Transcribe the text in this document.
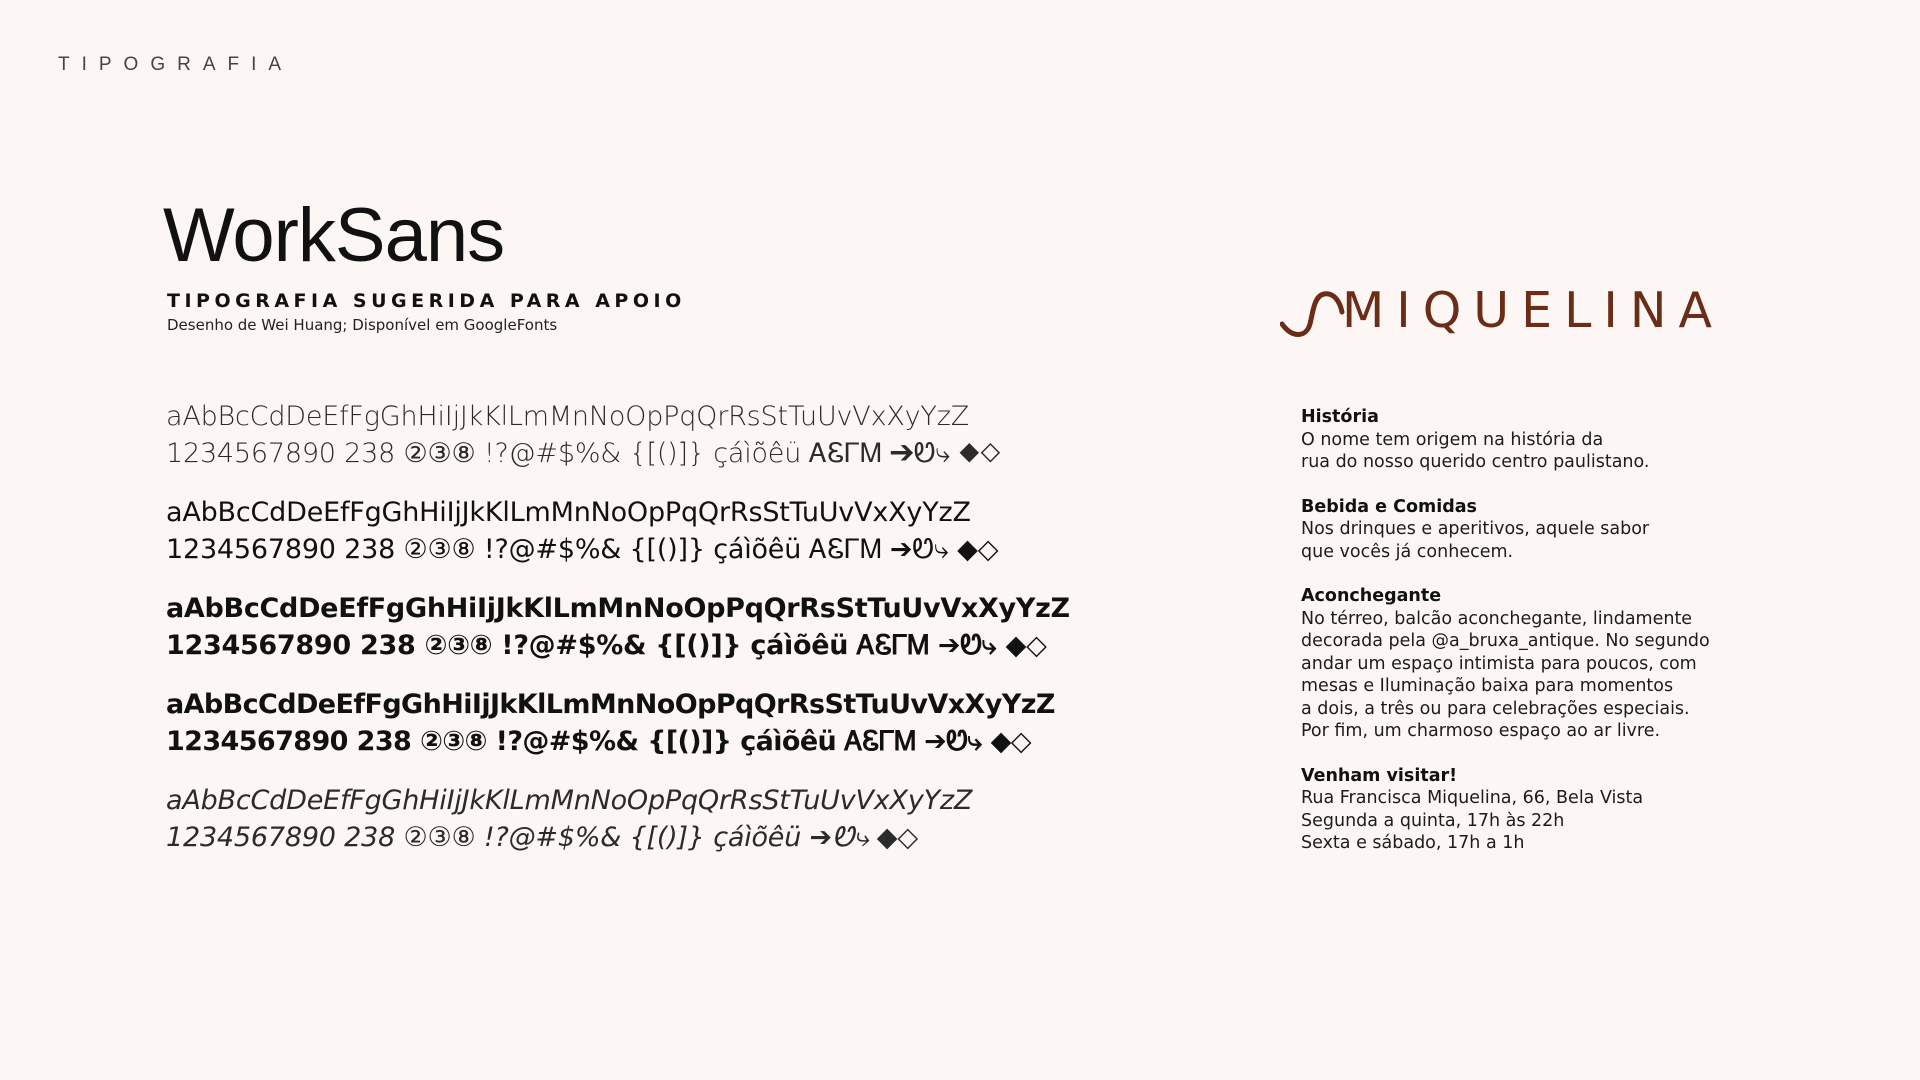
TIPOGRAFIA
WorkSans
TIPOGRAFIA SUGERIDA PARA APOIO
Desenho de Wei Huang; Disponível em GoogleFonts
aAbBcCdDeEfFgGhHiIjJkKlLmMnNoOpPqQrRsStTuUvVxXyYzZ
1234567890 238 ②③⑧ !?@#$%& {[()]} çáìõêü ᎪᏋᎱᎷ ➔Ꮼ⤷ ◆◇
aAbBcCdDeEfFgGhHiIjJkKlLmMnNoOpPqQrRsStTuUvVxXyYzZ
1234567890 238 ②③⑧ !?@#$%& {[()]} çáìõêü ᎪᏋᎱᎷ ➔Ꮼ⤷ ◆◇
aAbBcCdDeEfFgGhHiIjJkKlLmMnNoOpPqQrRsStTuUvVxXyYzZ
1234567890 238 ②③⑧ !?@#$%& {[()]} çáìõêü ᎪᏋᎱᎷ ➔Ꮼ⤷ ◆◇
aAbBcCdDeEfFgGhHiIjJkKlLmMnNoOpPqQrRsStTuUvVxXyYzZ
1234567890 238 ②③⑧ !?@#$%& {[()]} çáìõêü ᎪᏋᎱᎷ ➔Ꮼ⤷ ◆◇
aAbBcCdDeEfFgGhHiIjJkKlLmMnNoOpPqQrRsStTuUvVxXyYzZ
1234567890 238 ②③⑧ !?@#$%& {[()]} çáìõêü ➔Ꮼ⤷ ◆◇
MIQUELINA
História
O nome tem origem na história da
rua do nosso querido centro paulistano.
Bebida e Comidas
Nos drinques e aperitivos, aquele sabor
que vocês já conhecem.
Aconchegante
No térreo, balcão aconchegante, lindamente
decorada pela @a_bruxa_antique. No segundo
andar um espaço intimista para poucos, com
mesas e Iluminação baixa para momentos
a dois, a três ou para celebrações especiais.
Por fim, um charmoso espaço ao ar livre.
Venham visitar!
Rua Francisca Miquelina, 66, Bela Vista
Segunda a quinta, 17h às 22h
Sexta e sábado, 17h a 1h
